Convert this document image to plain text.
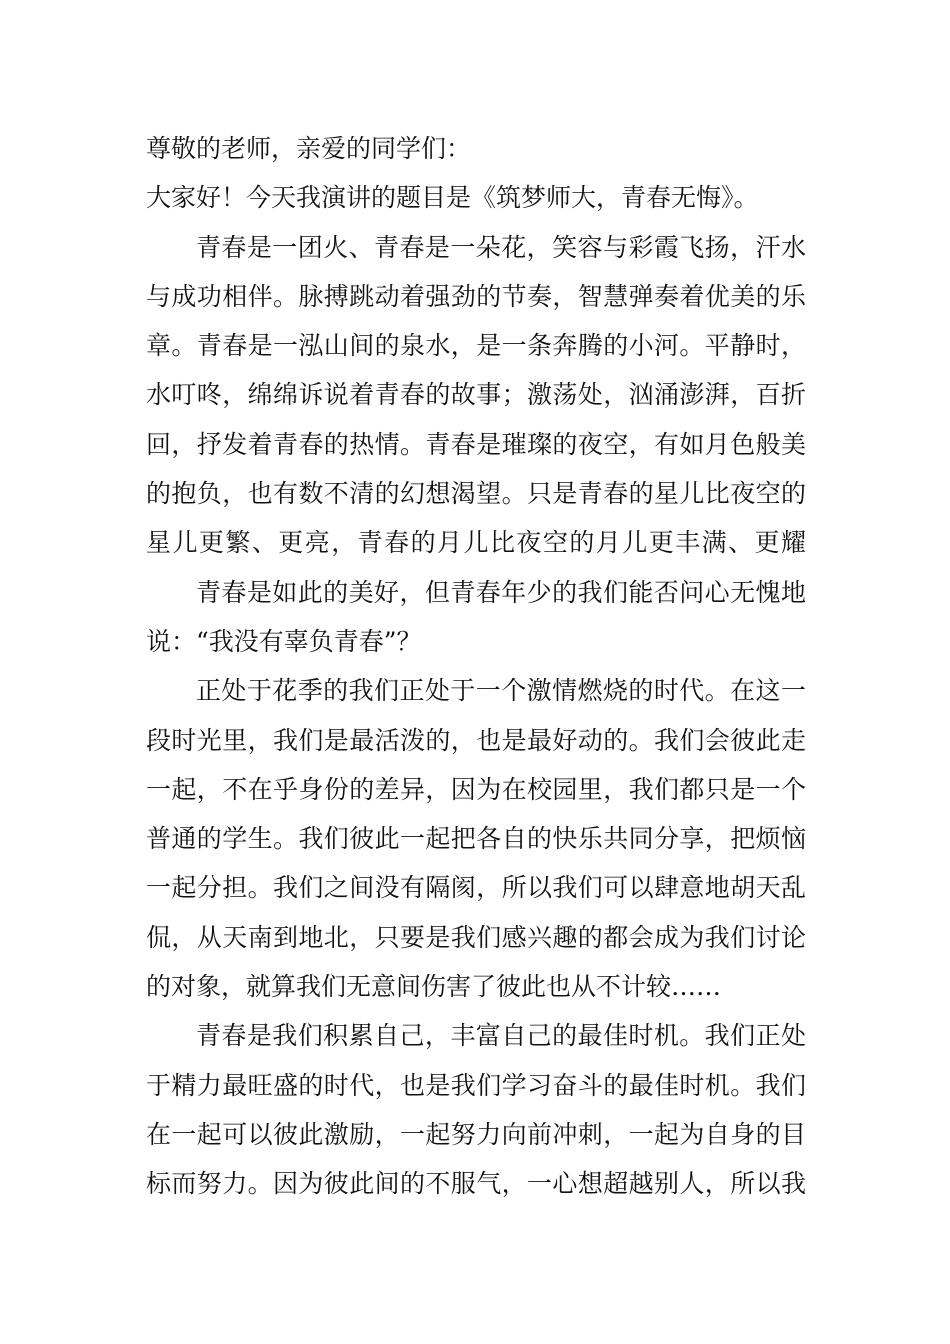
尊敬的老师，亲爱的同学们：
大家好！今天我演讲的题目是《筑梦师大，青春无悔》。
青春是一团火、青春是一朵花，笑容与彩霞飞扬，汗水
与成功相伴。脉搏跳动着强劲的节奏，智慧弹奏着优美的乐
章。青春是一泓山间的泉水，是一条奔腾的小河。平静时，
水叮咚，绵绵诉说着青春的故事；激荡处，汹涌澎湃，百折
回，抒发着青春的热情。青春是璀璨的夜空，有如月色般美
的抱负，也有数不清的幻想渴望。只是青春的星儿比夜空的
星儿更繁、更亮，青春的月儿比夜空的月儿更丰满、更耀
青春是如此的美好，但青春年少的我们能否问心无愧地
说：“我没有辜负青春”？
正处于花季的我们正处于一个激情燃烧的时代。在这一
段时光里，我们是最活泼的，也是最好动的。我们会彼此走
一起，不在乎身份的差异，因为在校园里，我们都只是一个
普通的学生。我们彼此一起把各自的快乐共同分享，把烦恼
一起分担。我们之间没有隔阂，所以我们可以肆意地胡天乱
侃，从天南到地北，只要是我们感兴趣的都会成为我们讨论
的对象，就算我们无意间伤害了彼此也从不计较……
青春是我们积累自己，丰富自己的最佳时机。我们正处
于精力最旺盛的时代，也是我们学习奋斗的最佳时机。我们
在一起可以彼此激励，一起努力向前冲刺，一起为自身的目
标而努力。因为彼此间的不服气，一心想超越别人，所以我
